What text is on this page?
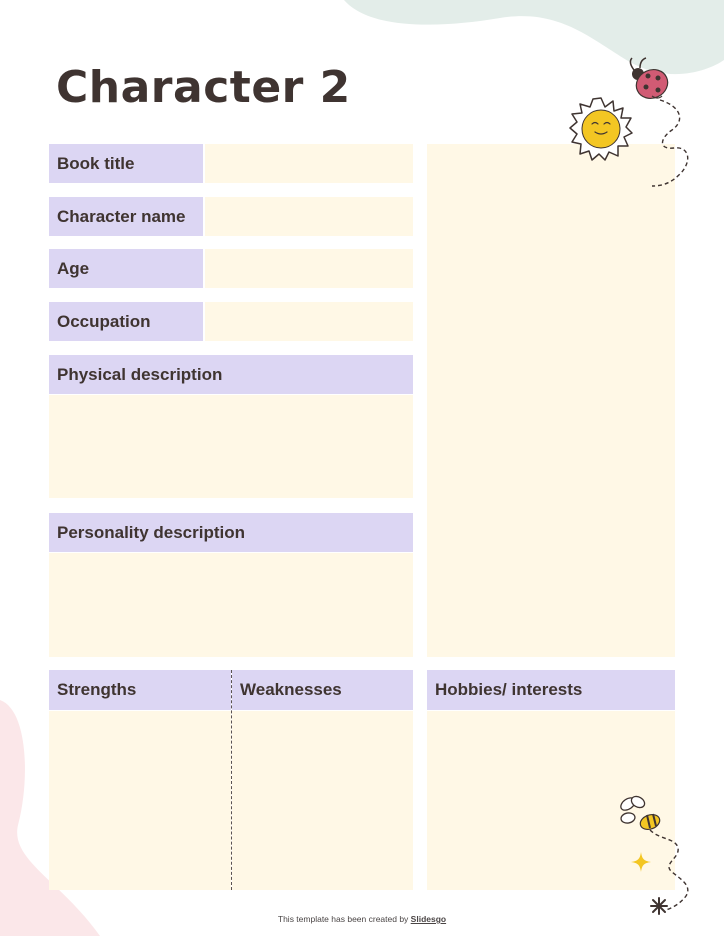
Character 2
Book title
Character name
Age
Occupation
Physical description
Personality description
Strengths	Weaknesses	Hobbies/ interests
This template has been created by Slidesgo
